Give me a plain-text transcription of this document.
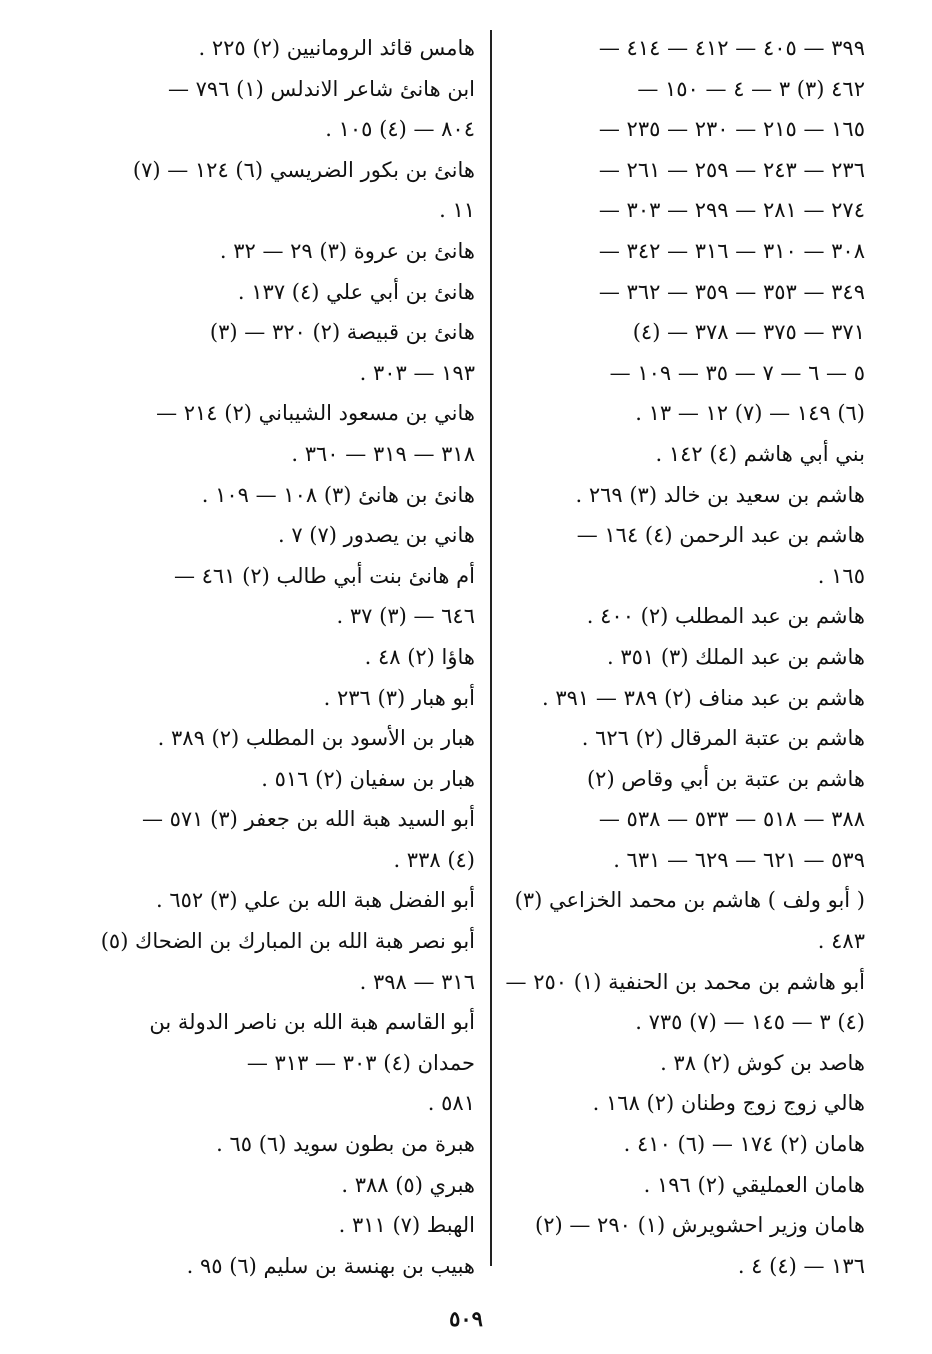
٣٩٩ — ٤٠٥ — ٤١٢ — ٤١٤ —
٤٦٢ (٣) ٣ — ٤ — ١٥٠ —
١٦٥ — ٢١٥ — ٢٣٠ — ٢٣٥ —
٢٣٦ — ٢٤٣ — ٢٥٩ — ٢٦١ —
٢٧٤ — ٢٨١ — ٢٩٩ — ٣٠٣ —
٣٠٨ — ٣١٠ — ٣١٦ — ٣٤٢ —
٣٤٩ — ٣٥٣ — ٣٥٩ — ٣٦٢ —
٣٧١ — ٣٧٥ — ٣٧٨ — (٤)
٥ — ٦ — ٧ — ٣٥ — ١٠٩ —
(٦) ١٤٩ — (٧) ١٢ — ١٣ .
بني أبي هاشم (٤) ١٤٢ .
هاشم بن سعيد بن خالد (٣) ٢٦٩ .
هاشم بن عبد الرحمن (٤) ١٦٤ —
١٦٥ .
هاشم بن عبد المطلب (٢) ٤٠٠ .
هاشم بن عبد الملك (٣) ٣٥١ .
هاشم بن عبد مناف (٢) ٣٨٩ — ٣٩١ .
هاشم بن عتبة المرقال (٢) ٦٢٦ .
هاشم بن عتبة بن أبي وقاص (٢)
٣٨٨ — ٥١٨ — ٥٣٣ — ٥٣٨ —
٥٣٩ — ٦٢١ — ٦٢٩ — ٦٣١ .
( أبو ولف ) هاشم بن محمد الخزاعي (٣)
٤٨٣ .
أبو هاشم بن محمد بن الحنفية (١) ٢٥٠ —
(٤) ٣ — ١٤٥ — (٧) ٧٣٥ .
هاصد بن كوش (٢) ٣٨ .
هالي زوج زوج وطنان (٢) ١٦٨ .
هامان (٢) ١٧٤ — (٦) ٤١٠ .
هامان العمليقي (٢) ١٩٦ .
هامان وزير احشويرش (١) ٢٩٠ — (٢)
١٣٦ — (٤) ٤ .
هامس قائد الرومانيين (٢) ٢٢٥ .
ابن هانئ شاعر الاندلس (١) ٧٩٦ —
٨٠٤ — (٤) ١٠٥ .
هانئ بن بكور الضريسي (٦) ١٢٤ — (٧)
١١ .
هانئ بن عروة (٣) ٢٩ — ٣٢ .
هانئ بن أبي علي (٤) ١٣٧ .
هانئ بن قبيصة (٢) ٣٢٠ — (٣)
١٩٣ — ٣٠٣ .
هاني بن مسعود الشيباني (٢) ٢١٤ —
٣١٨ — ٣١٩ — ٣٦٠ .
هانئ بن هانئ (٣) ١٠٨ — ١٠٩ .
هاني بن يصدور (٧) ٧ .
أم هانئ بنت أبي طالب (٢) ٤٦١ —
٦٤٦ — (٣) ٣٧ .
هاؤا (٢) ٤٨ .
أبو هبار (٣) ٢٣٦ .
هبار بن الأسود بن المطلب (٢) ٣٨٩ .
هبار بن سفيان (٢) ٥١٦ .
أبو السيد هبة الله بن جعفر (٣) ٥٧١ —
(٤) ٣٣٨ .
أبو الفضل هبة الله بن علي (٣) ٦٥٢ .
أبو نصر هبة الله بن المبارك بن الضحاك (٥)
٣١٦ — ٣٩٨ .
أبو القاسم هبة الله بن ناصر الدولة بن
حمدان (٤) ٣٠٣ — ٣١٣ —
٥٨١ .
هبرة من بطون سويد (٦) ٦٥ .
هبري (٥) ٣٨٨ .
الهبط (٧) ٣١١ .
هبيب بن بهنسة بن سليم (٦) ٩٥ .
٥٠٩
